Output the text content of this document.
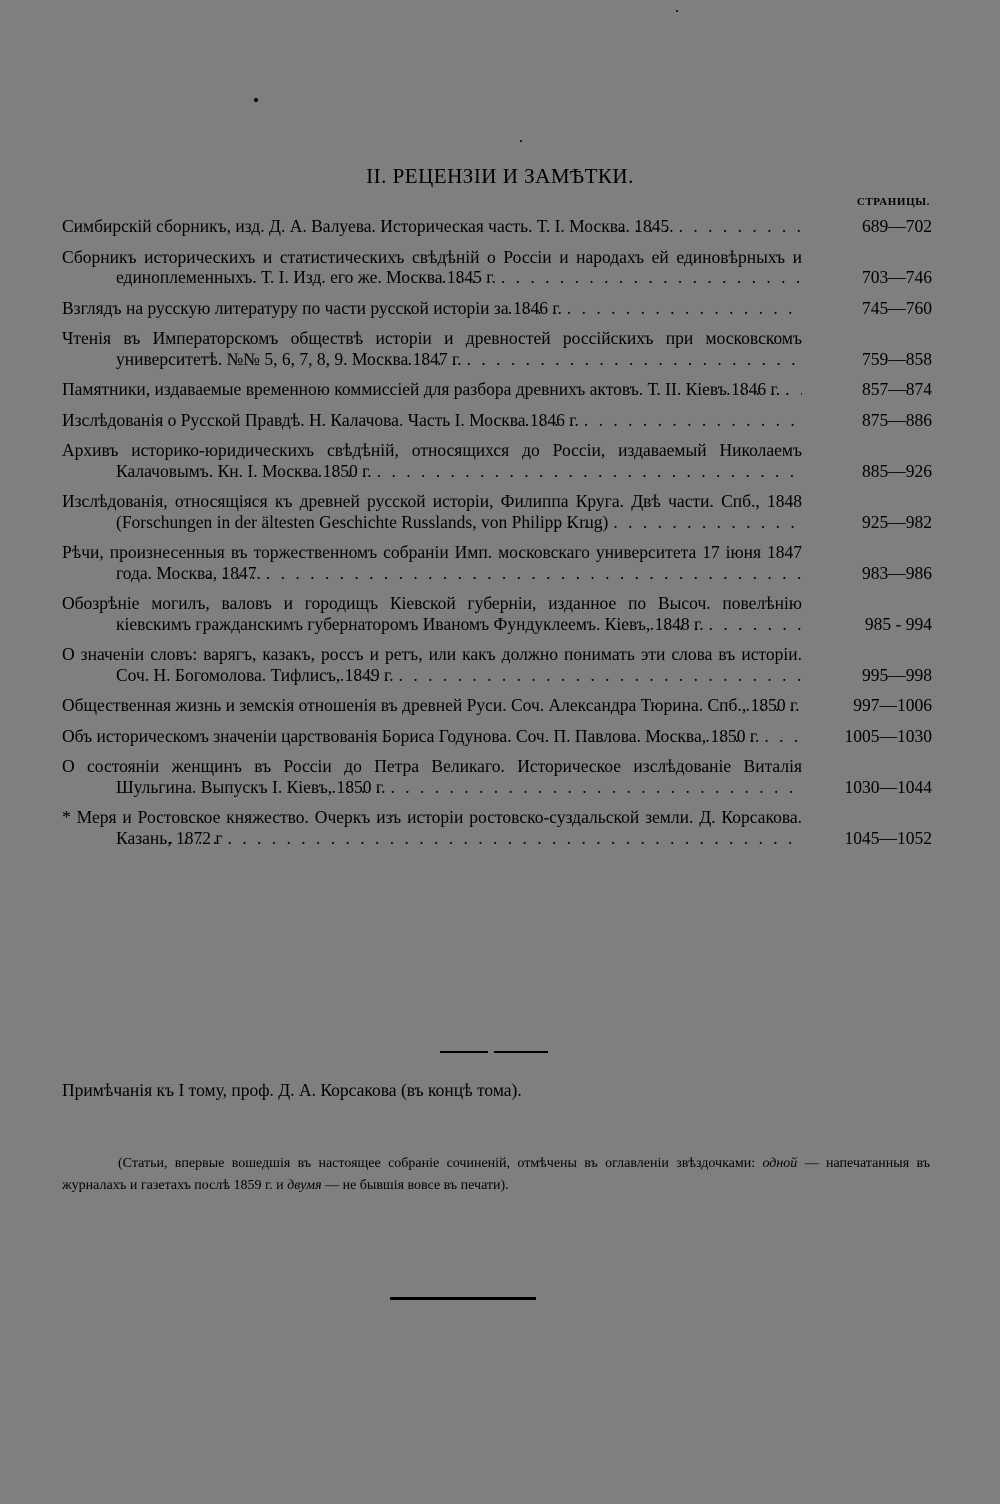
II. РЕЦЕНЗІИ И ЗАМѢТКИ.
СТРАНИЦЫ.
Симбирскій сборникъ, изд. Д. А. Валуева. Историческая часть. Т. I. Москва. 1845. . . .	689—702
Сборникъ историческихъ и статистическихъ свѣдѣній о Россіи и народахъ ей единовѣрныхъ и единоплеменныхъ. Т. I. Изд. его же. Москва 1845 г. . . .	703—746
Взглядъ на русскую литературу по части русской исторіи за 1846 г. . . .	745—760
Чтенія въ Императорскомъ обществѣ исторіи и древностей россійскихъ при московскомъ университетѣ. №№ 5, 6, 7, 8, 9. Москва 1847 г. . . .	759—858
Памятники, издаваемые временною коммиссіей для разбора древнихъ актовъ. Т. II. Кіевъ 1846 г. . . .	857—874
Изслѣдованія о Русской Правдѣ. Н. Калачова. Часть I. Москва 1846 г. . . .	875—886
Архивъ историко-юридическихъ свѣдѣній, относящихся до Россіи, издаваемый Николаемъ Калачовымъ. Кн. I. Москва 1850 г. . . .	885—926
Изслѣдованія, относящіяся къ древней русской исторіи, Филиппа Круга. Двѣ части. Спб., 1848 (Forschungen in der ältesten Geschichte Russlands, von Philipp Krug) . . .	925—982
Рѣчи, произнесенныя въ торжественномъ собраніи Имп. московскаго университета 17 іюня 1847 года. Москва, 1847. . . .	983—986
Обозрѣніе могилъ, валовъ и городищъ Кіевской губерніи, изданное по Высоч. повелѣнію кіевскимъ гражданскимъ губернаторомъ Иваномъ Фундуклеемъ. Кіевъ, 1848 г. . . .	985 - 994
О значеніи словъ: варягъ, казакъ, россъ и ретъ, или какъ должно понимать эти слова въ исторіи. Соч. Н. Богомолова. Тифлисъ, 1849 г. . . .	995—998
Общественная жизнь и земскія отношенія въ древней Руси. Соч. Александра Тюрина. Спб., 1850 г. . . .	997—1006
Объ историческомъ значеніи царствованія Бориса Годунова. Соч. П. Павлова. Москва, 1850 г. . . .	1005—1030
О состояніи женщинъ въ Россіи до Петра Великаго. Историческое изслѣдованіе Виталія Шульгина. Выпускъ I. Кіевъ, 1850 г. . . .	1030—1044
* Меря и Ростовское княжество. Очеркъ изъ исторіи ростовско-суздальской земли. Д. Корсакова. Казань, 1872 г . . .	1045—1052
Примѣчанія къ I тому, проф. Д. А. Корсакова (въ концѣ тома).
(Статьи, впервые вошедшія въ настоящее собраніе сочиненій, отмѣчены въ оглавленіи звѣздочками: одной — напечатанныя въ журналахъ и газетахъ послѣ 1859 г. и двумя — не бывшія вовсе въ печати).
